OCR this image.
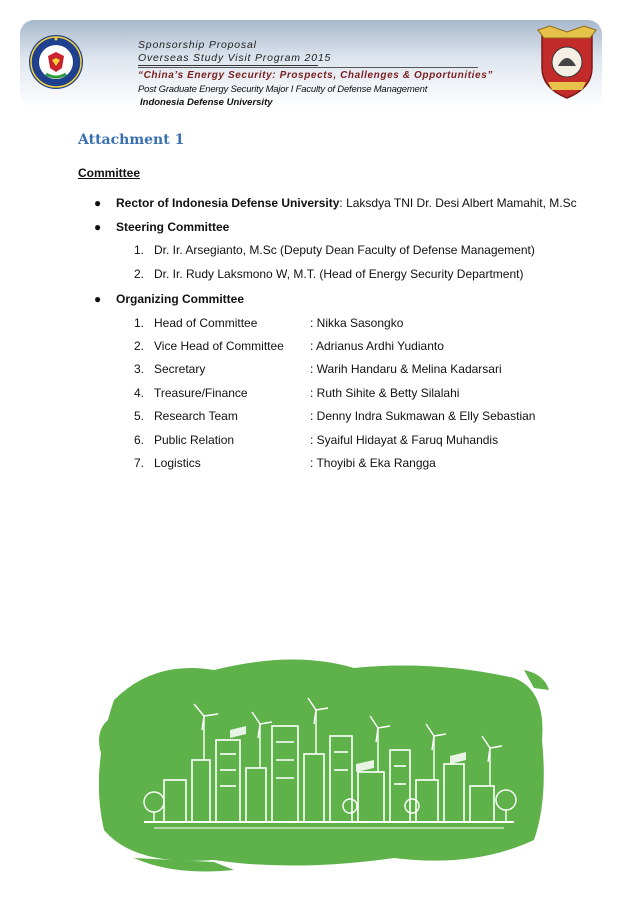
Sponsorship Proposal
Overseas Study Visit Program 2015
“China’s Energy Security: Prospects, Challenges & Opportunities”
Post Graduate Energy Security Major I Faculty of Defense Management
Indonesia Defense University
Attachment 1
Committee
● Rector of Indonesia Defense University: Laksdya TNI Dr. Desi Albert Mamahit, M.Sc
● Steering Committee
1. Dr. Ir. Arsegianto, M.Sc (Deputy Dean Faculty of Defense Management)
2. Dr. Ir. Rudy Laksmono W, M.T. (Head of Energy Security Department)
● Organizing Committee
1. Head of Committee	: Nikka Sasongko
2. Vice Head of Committee : Adrianus Ardhi Yudianto
3. Secretary	: Warih Handaru & Melina Kadarsari
4. Treasure/Finance	: Ruth Sihite & Betty Silalahi
5. Research Team	: Denny Indra Sukmawan & Elly Sebastian
6. Public Relation	: Syaiful Hidayat & Faruq Muhandis
7. Logistics	: Thoyibi & Eka Rangga
